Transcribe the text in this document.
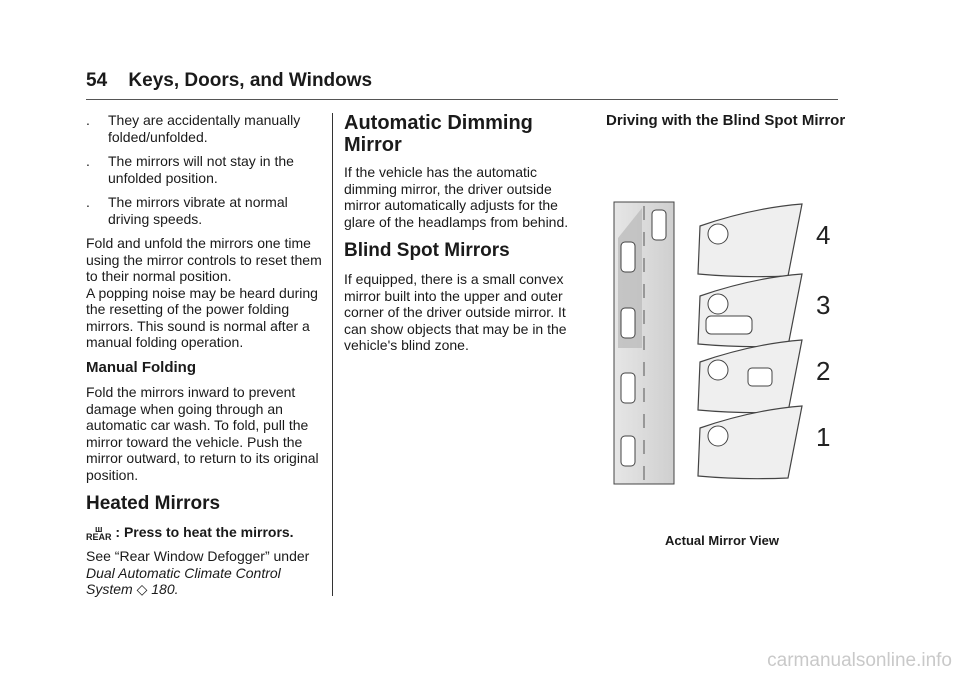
54 Keys, Doors, and Windows
.	They are accidentally manually folded/unfolded.
.	The mirrors will not stay in the unfolded position.
.	The mirrors vibrate at normal driving speeds.

Fold and unfold the mirrors one time using the mirror controls to reset them to their normal position.

A popping noise may be heard during the resetting of the power folding mirrors. This sound is normal after a manual folding operation.

Manual Folding

Fold the mirrors inward to prevent damage when going through an automatic car wash. To fold, pull the mirror toward the vehicle. Push the mirror outward, to return to its original position.

Heated Mirrors

ш
REAR : Press to heat the mirrors.

See “Rear Window Defogger” under Dual Automatic Climate Control System ◇ 180.

Automatic Dimming Mirror

If the vehicle has the automatic dimming mirror, the driver outside mirror automatically adjusts for the glare of the headlamps from behind.

Blind Spot Mirrors

If equipped, there is a small convex mirror built into the upper and outer corner of the driver outside mirror. It can show objects that may be in the vehicle's blind zone.

Driving with the Blind Spot Mirror
4
3
2
1
Actual Mirror View
carmanualsonline.info
